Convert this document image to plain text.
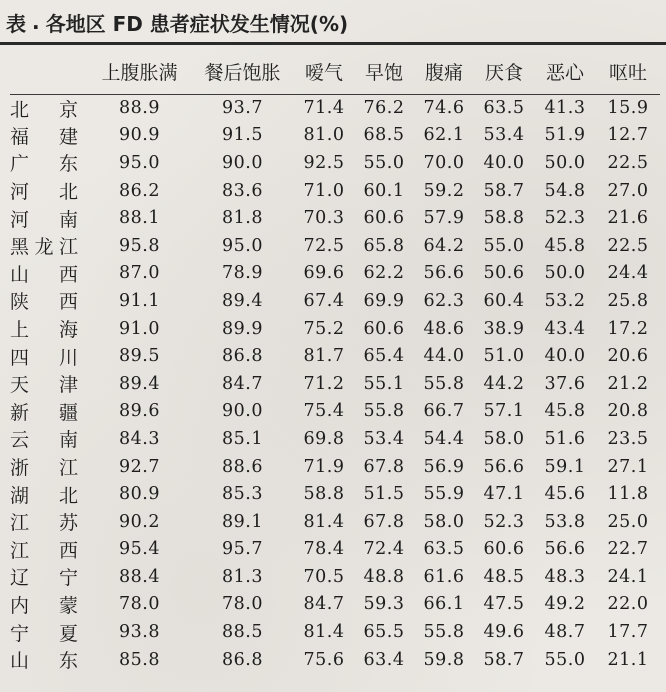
表 . 各地区 FD 患者症状发生情况(%)
	上腹胀满	餐后饱胀	嗳气	早饱	腹痛	厌食	恶心	呕吐
北京	88.9	93.7	71.4	76.2	74.6	63.5	41.3	15.9
福建	90.9	91.5	81.0	68.5	62.1	53.4	51.9	12.7
广东	95.0	90.0	92.5	55.0	70.0	40.0	50.0	22.5
河北	86.2	83.6	71.0	60.1	59.2	58.7	54.8	27.0
河南	88.1	81.8	70.3	60.6	57.9	58.8	52.3	21.6
黑龙江	95.8	95.0	72.5	65.8	64.2	55.0	45.8	22.5
山西	87.0	78.9	69.6	62.2	56.6	50.6	50.0	24.4
陕西	91.1	89.4	67.4	69.9	62.3	60.4	53.2	25.8
上海	91.0	89.9	75.2	60.6	48.6	38.9	43.4	17.2
四川	89.5	86.8	81.7	65.4	44.0	51.0	40.0	20.6
天津	89.4	84.7	71.2	55.1	55.8	44.2	37.6	21.2
新疆	89.6	90.0	75.4	55.8	66.7	57.1	45.8	20.8
云南	84.3	85.1	69.8	53.4	54.4	58.0	51.6	23.5
浙江	92.7	88.6	71.9	67.8	56.9	56.6	59.1	27.1
湖北	80.9	85.3	58.8	51.5	55.9	47.1	45.6	11.8
江苏	90.2	89.1	81.4	67.8	58.0	52.3	53.8	25.0
江西	95.4	95.7	78.4	72.4	63.5	60.6	56.6	22.7
辽宁	88.4	81.3	70.5	48.8	61.6	48.5	48.3	24.1
内蒙	78.0	78.0	84.7	59.3	66.1	47.5	49.2	22.0
宁夏	93.8	88.5	81.4	65.5	55.8	49.6	48.7	17.7
山东	85.8	86.8	75.6	63.4	59.8	58.7	55.0	21.1
